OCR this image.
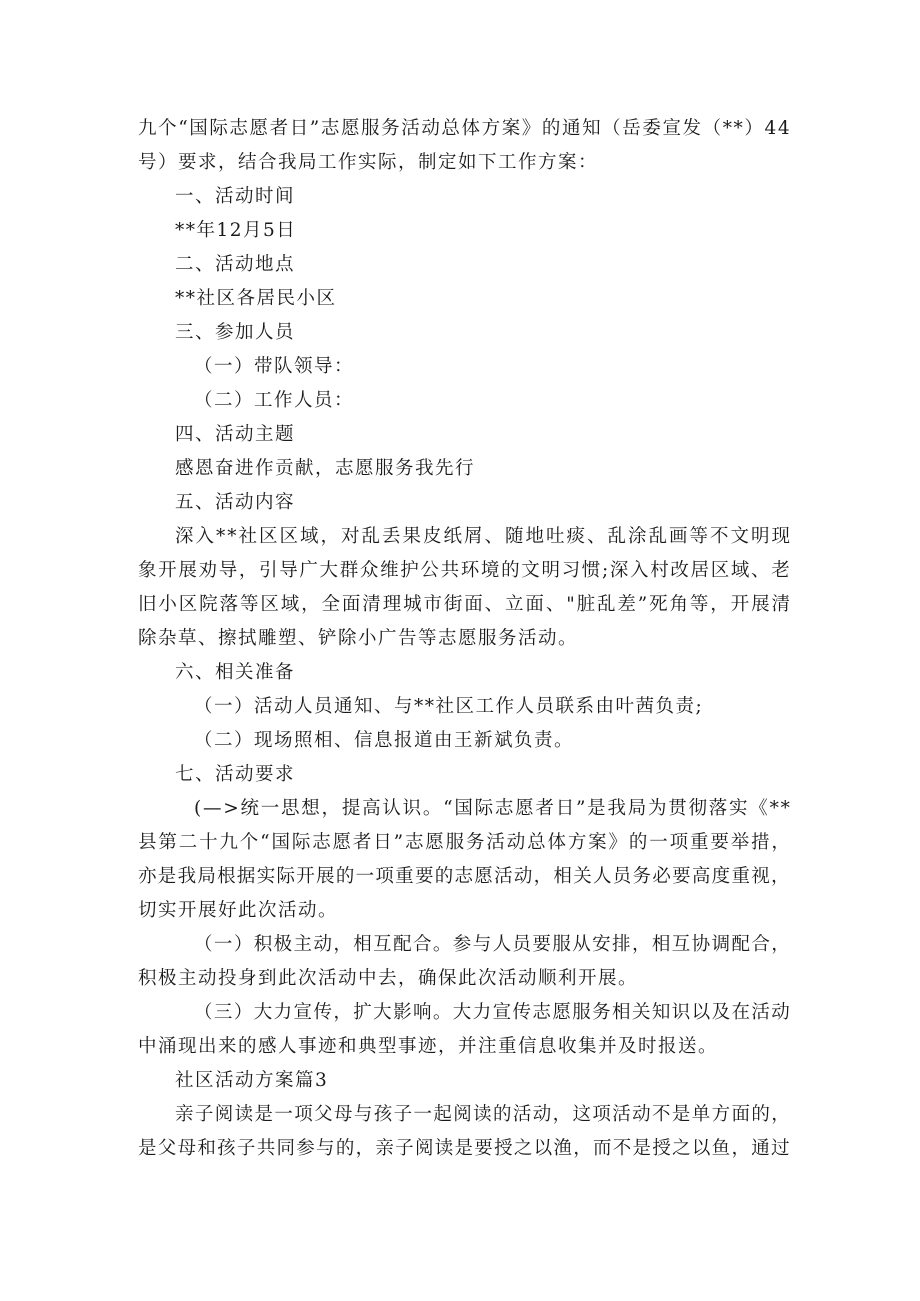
九 个 “ 国 际 志 愿 者 日 ” 志 愿 服 务 活 动 总 体 方 案 》 的 通 知 （ 岳 委 宣 发 （ * * ） 4 4
号）要求，结合我局工作实际，制定如下工作方案：
一、活动时间
**年12月5日
二、活动地点
**社区各居民小区
三、参加人员
（一）带队领导：
（二）工作人员：
四、活动主题
感恩奋进作贡献，志愿服务我先行
五、活动内容
深 入 * * 社 区 区 域 ， 对 乱 丢 果 皮 纸 屑 、 随 地 吐 痰 、 乱 涂 乱 画 等 不 文 明 现
象 开 展 劝 导 ， 引 导 广 大 群 众 维 护 公 共 环 境 的 文 明 习 惯 ; 深 入 村 改 居 区 域 、 老
旧 小 区 院 落 等 区 域 ， 全 面 清 理 城 市 街 面 、 立 面 、 " 脏 乱 差 ” 死 角 等 ， 开 展 清
除杂草、擦拭雕塑、铲除小广告等志愿服务活动。
六、相关准备
（一）活动人员通知、与**社区工作人员联系由叶茜负责;
（二）现场照相、信息报道由王新斌负责。
七、活动要求
( — > 统 一 思 想 ， 提 高 认 识 。 “ 国 际 志 愿 者 日 ” 是 我 局 为 贯 彻 落 实 《 * *
县 第 二 十 九 个 “ 国 际 志 愿 者 日 ” 志 愿 服 务 活 动 总 体 方 案 》 的 一 项 重 要 举 措 ，
亦 是 我 局 根 据 实 际 开 展 的 一 项 重 要 的 志 愿 活 动 ， 相 关 人 员 务 必 要 高 度 重 视 ，
切实开展好此次活动。
（ 一 ） 积 极 主 动 ， 相 互 配 合 。 参 与 人 员 要 服 从 安 排 ， 相 互 协 调 配 合 ，
积极主动投身到此次活动中去，确保此次活动顺利开展。
（ 三 ） 大 力 宣 传 ， 扩 大 影 响 。 大 力 宣 传 志 愿 服 务 相 关 知 识 以 及 在 活 动
中涌现出来的感人事迹和典型事迹，并注重信息收集并及时报送。
社区活动方案篇3
亲 子 阅 读 是 一 项 父 母 与 孩 子 一 起 阅 读 的 活 动 ， 这 项 活 动 不 是 单 方 面 的 ，
是 父 母 和 孩 子 共 同 参 与 的 ， 亲 子 阅 读 是 要 授 之 以 渔 ， 而 不 是 授 之 以 鱼 ， 通 过
